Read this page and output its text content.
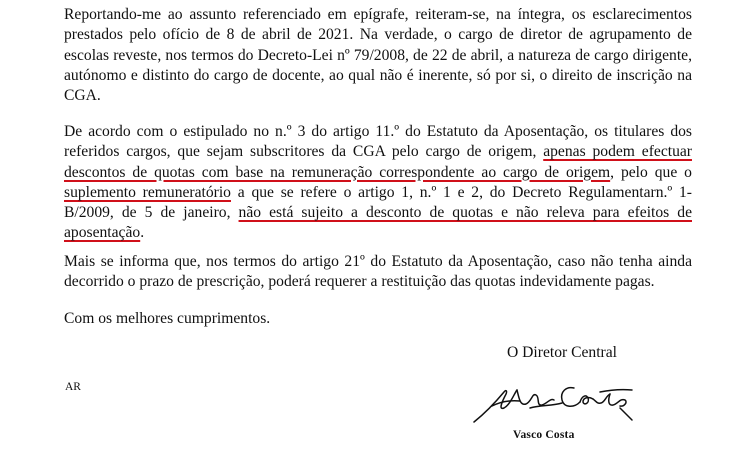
Reportando-me ao assunto referenciado em epígrafe, reiteram-se, na íntegra, os esclarecimentos prestados pelo ofício de 8 de abril de 2021. Na verdade, o cargo de diretor de agrupamento de escolas reveste, nos termos do Decreto-Lei nº 79/2008, de 22 de abril, a natureza de cargo dirigente, autónomo e distinto do cargo de docente, ao qual não é inerente, só por si, o direito de inscrição na CGA.

De acordo com o estipulado no n.º 3 do artigo 11.º do Estatuto da Aposentação, os titulares dos referidos cargos, que sejam subscritores da CGA pelo cargo de origem, apenas podem efectuar descontos de quotas com base na remuneração correspondente ao cargo de origem, pelo que o suplemento remuneratório a que se refere o artigo 1, n.º 1 e 2, do Decreto Regulamentarn.º 1-B/2009, de 5 de janeiro, não está sujeito a desconto de quotas e não releva para efeitos de aposentação.

Mais se informa que, nos termos do artigo 21º do Estatuto da Aposentação, caso não tenha ainda decorrido o prazo de prescrição, poderá requerer a restituição das quotas indevidamente pagas.

Com os melhores cumprimentos.

O Diretor Central

AR

Vasco Costa
